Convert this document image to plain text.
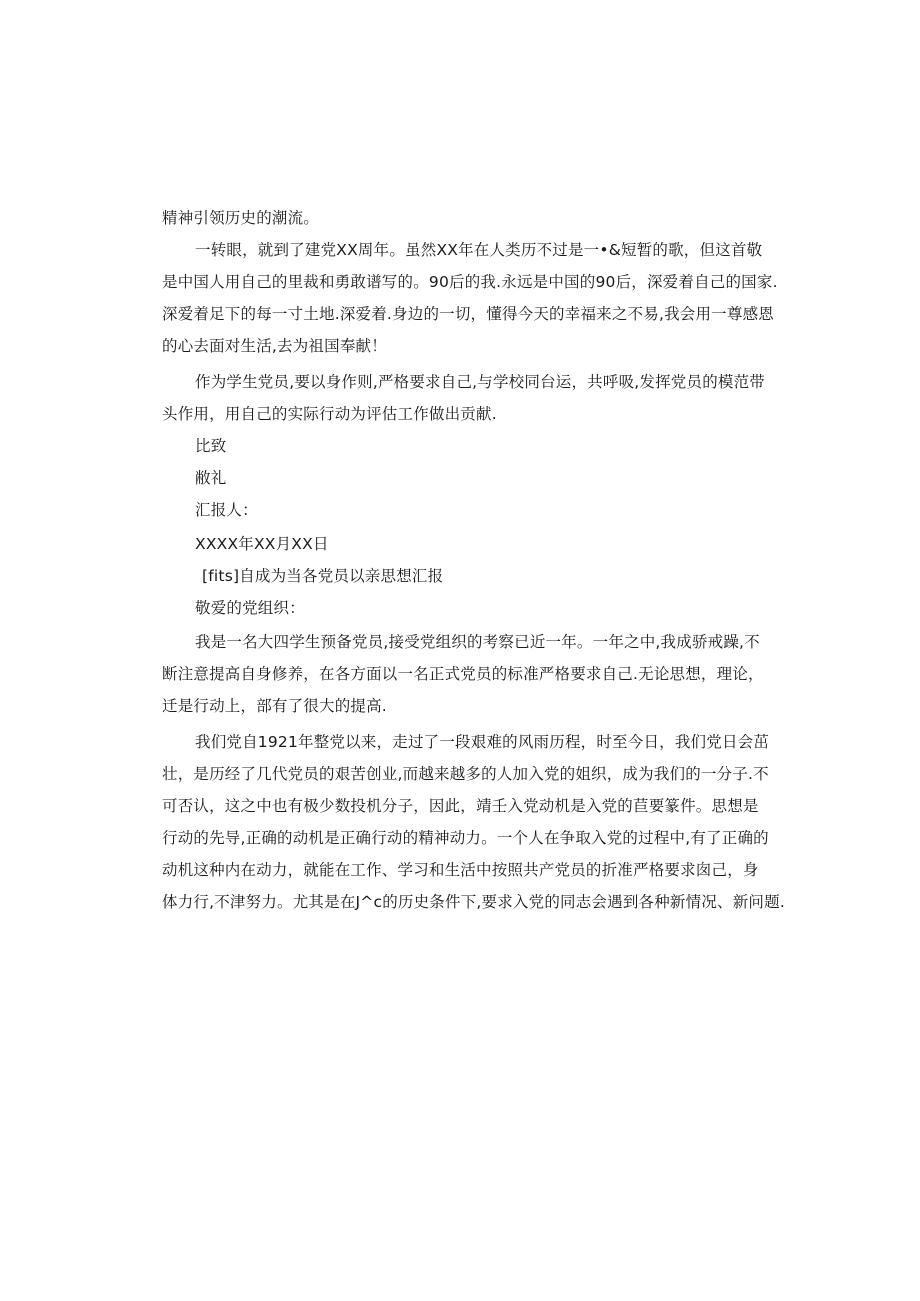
精神引领历史的潮流。
一转眼，就到了建党XX周年。虽然XX年在人类历不过是一•&短暂的歌，但这首敬
是中国人用自己的里裁和勇敢谱写的。90后的我.永远是中国的90后，深爱着自己的国家.
深爱着足下的每一寸土地.深爱着.身边的一切，懂得今天的幸福来之不易,我会用一尊感恩
的心去面对生活,去为祖国奉献！
作为学生党员,要以身作则,严格要求自己,与学校同台运，共呼吸,发挥党员的模范带
头作用，用自己的实际行动为评估工作做出贡献.
比致
敝礼
汇报人：
XXXX年XX月XX日
[fits]自成为当各党员以亲思想汇报
敬爱的党组织：
我是一名大四学生预备党员,接受党组织的考察已近一年。一年之中,我成骄戒躁,不
断注意提高自身修养，在各方面以一名正式党员的标准严格要求自己.无论思想，理论，
迁是行动上，部有了很大的提高.
我们党自1921年整党以来，走过了一段艰难的风雨历程，时至今日，我们党日会茁
壮，是历经了几代党员的艰苦创业,而越来越多的人加入党的姐织，成为我们的一分子.不
可否认，这之中也有极少数投机分子，因此，靖壬入党动机是入党的苣要篆件。思想是
行动的先导,正确的动机是正确行动的精神动力。一个人在争取入党的过程中,有了正确的
动机这种内在动力，就能在工作、学习和生活中按照共产党员的折准严格要求囱己，身
体力行,不津努力。尤其是在J^c的历史条件下,要求入党的同志会遇到各种新情况、新问题.
